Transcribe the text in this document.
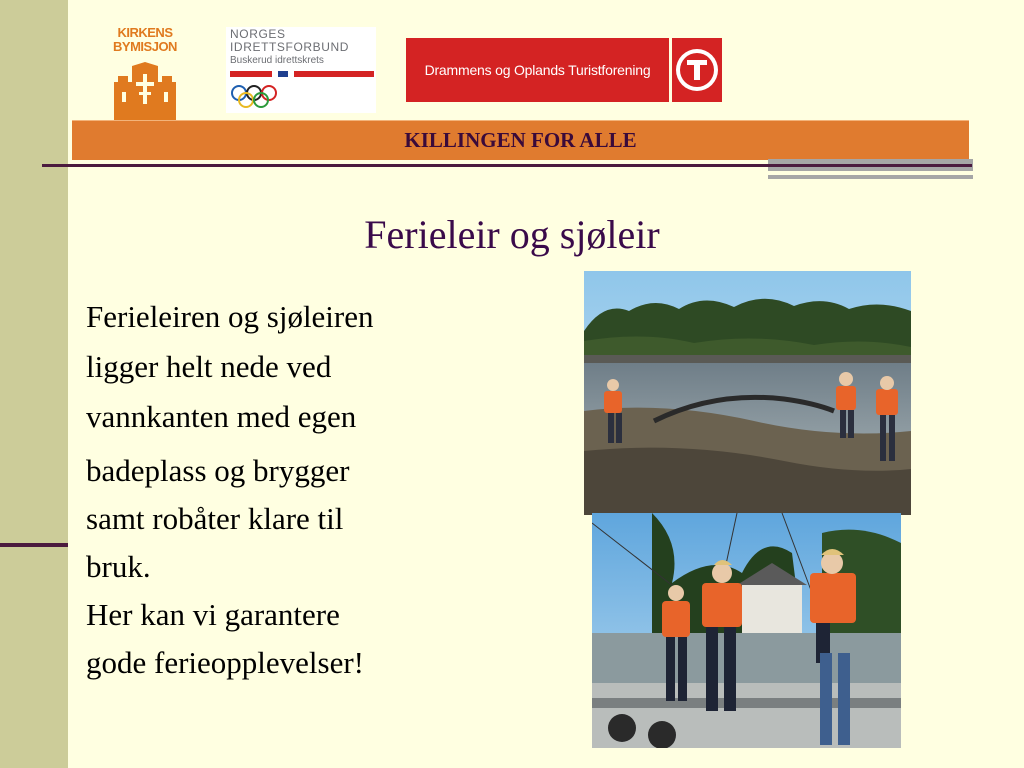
KIRKENS
BYMISJON
NORGES
IDRETTSFORBUND
Buskerud idrettskrets
Drammens og Oplands Turistforening
KILLINGEN FOR ALLE
Ferieleir og sjøleir

Ferieleiren og sjøleiren
ligger helt nede ved
vannkanten med egen

badeplass og brygger
samt robåter klare til
bruk.
Her kan vi garantere
gode ferieopplevelser!
